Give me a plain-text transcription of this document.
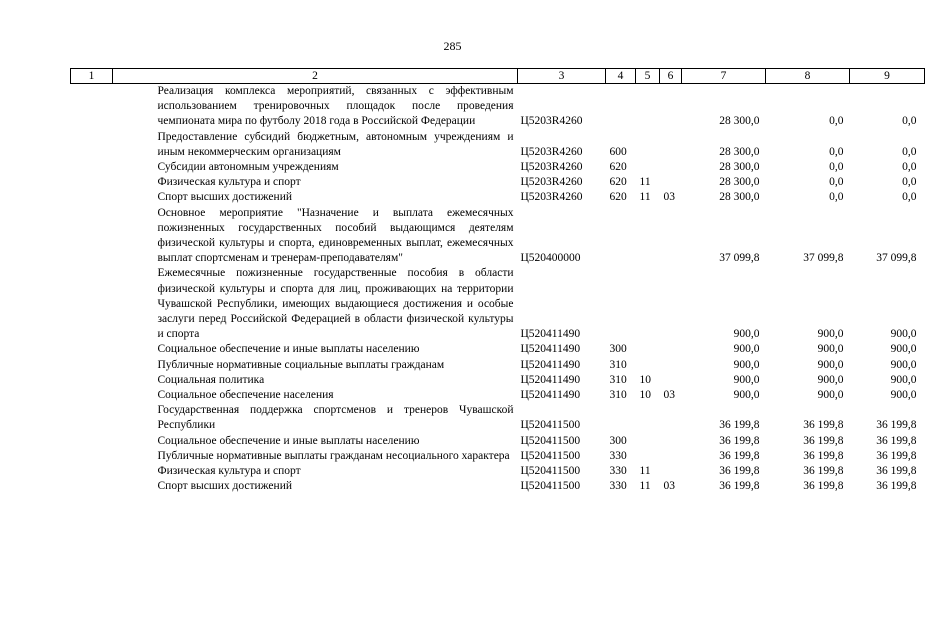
285
1	2	3	4	5	6	7	8	9
	Реализация комплекса мероприятий, связанных с эффективным использованием тренировочных площадок после проведения чемпионата мира по футболу 2018 года в Российской Федерации	Ц5203R4260				28 300,0	0,0	0,0
	Предоставление субсидий бюджетным, автономным учреждениям и иным некоммерческим организациям	Ц5203R4260	600			28 300,0	0,0	0,0
	Субсидии автономным учреждениям	Ц5203R4260	620			28 300,0	0,0	0,0
	Физическая культура и спорт	Ц5203R4260	620	11		28 300,0	0,0	0,0
	Спорт высших достижений	Ц5203R4260	620	11	03	28 300,0	0,0	0,0
	Основное мероприятие "Назначение и выплата ежемесячных пожизненных государственных пособий выдающимся деятелям физической культуры и спорта, единовременных выплат, ежемесячных выплат спортсменам и тренерам-преподавателям"	Ц520400000				37 099,8	37 099,8	37 099,8
	Ежемесячные пожизненные государственные пособия в области физической культуры и спорта для лиц, проживающих на территории Чувашской Республики, имеющих выдающиеся достижения и особые заслуги перед Российской Федерацией в области физической культуры и спорта	Ц520411490				900,0	900,0	900,0
	Социальное обеспечение и иные выплаты населению	Ц520411490	300			900,0	900,0	900,0
	Публичные нормативные социальные выплаты гражданам	Ц520411490	310			900,0	900,0	900,0
	Социальная политика	Ц520411490	310	10		900,0	900,0	900,0
	Социальное обеспечение населения	Ц520411490	310	10	03	900,0	900,0	900,0
	Государственная поддержка спортсменов и тренеров Чувашской Республики	Ц520411500				36 199,8	36 199,8	36 199,8
	Социальное обеспечение и иные выплаты населению	Ц520411500	300			36 199,8	36 199,8	36 199,8
	Публичные нормативные выплаты гражданам несоциального характера	Ц520411500	330			36 199,8	36 199,8	36 199,8
	Физическая культура и спорт	Ц520411500	330	11		36 199,8	36 199,8	36 199,8
	Спорт высших достижений	Ц520411500	330	11	03	36 199,8	36 199,8	36 199,8
